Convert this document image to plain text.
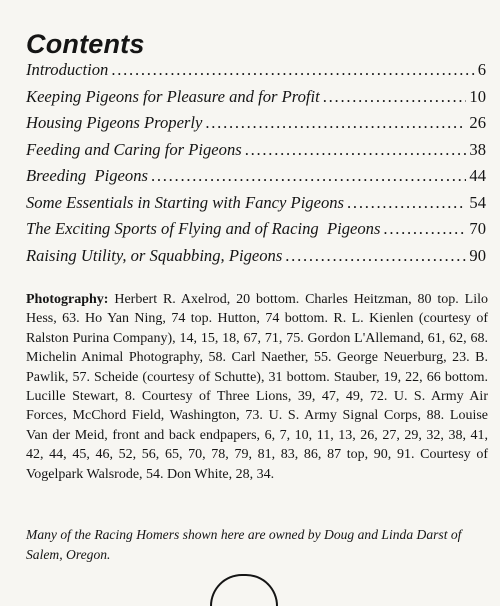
Contents
Introduction . . .	6
Keeping Pigeons for Pleasure and for Profit . . .	10
Housing Pigeons Properly . . .	26
Feeding and Caring for Pigeons . . .	38
Breeding  Pigeons . . .	44
Some Essentials in Starting with Fancy Pigeons . . .	54
The Exciting Sports of Flying and of Racing  Pigeons . . .	70
Raising Utility, or Squabbing, Pigeons . . .	90

Photography: Herbert R. Axelrod, 20 bottom. Charles Heitzman, 80 top. Lilo Hess, 63. Ho Yan Ning, 74 top. Hutton, 74 bottom. R. L. Kienlen (courtesy of Ralston Purina Company), 14, 15, 18, 67, 71, 75. Gordon L'Allemand, 61, 62, 68. Michelin Animal Photography, 58. Carl Naether, 55. George Neuerburg, 23. B. Pawlik, 57. Scheide (courtesy of Schutte), 31 bottom. Stauber, 19, 22, 66 bottom. Lucille Stewart, 8. Courtesy of Three Lions, 39, 47, 49, 72. U. S. Army Air Forces, McChord Field, Washington, 73. U. S. Army Signal Corps, 88. Louise Van der Meid, front and back endpapers, 6, 7, 10, 11, 13, 26, 27, 29, 32, 38, 41, 42, 44, 45, 46, 52, 56, 65, 70, 78, 79, 81, 83, 86, 87 top, 90, 91. Courtesy of Vogelpark Walsrode, 54. Don White, 28, 34.

Many of the Racing Homers shown here are owned by Doug and Linda Darst of Salem, Oregon.
